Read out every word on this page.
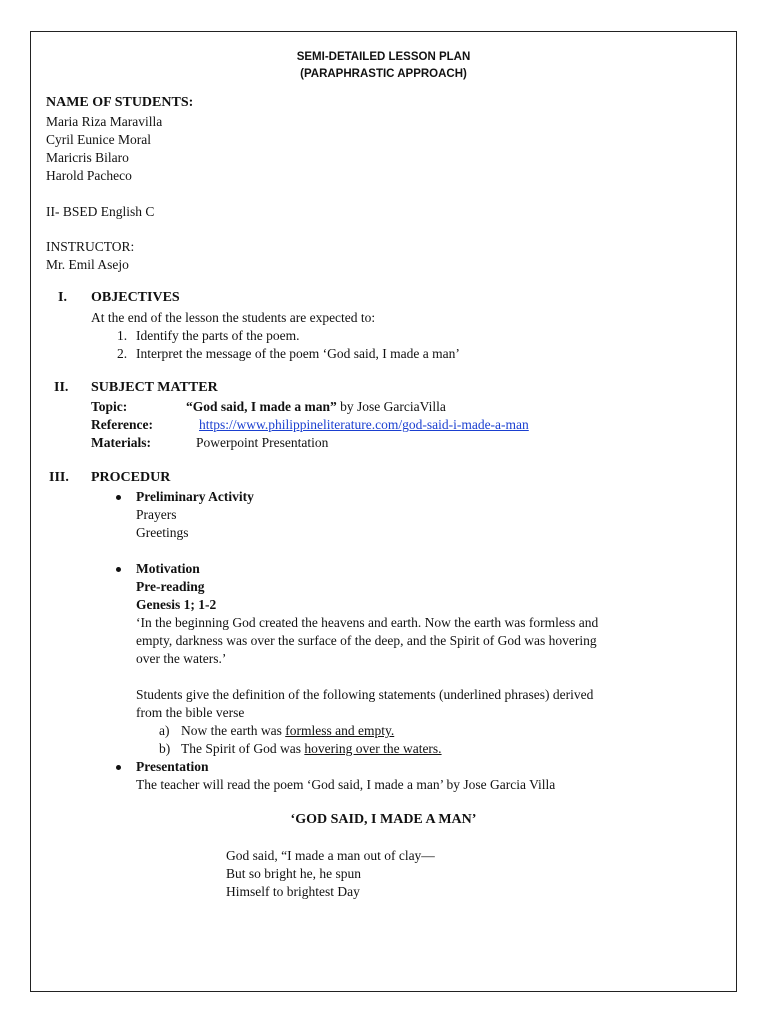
SEMI-DETAILED LESSON PLAN
(PARAPHRASTIC APPROACH)
NAME OF STUDENTS:
Maria Riza Maravilla
Cyril Eunice Moral
Maricris Bilaro
Harold Pacheco
II- BSED English C
INSTRUCTOR:
Mr. Emil Asejo
I. OBJECTIVES
At the end of the lesson the students are expected to:
1. Identify the parts of the poem.
2. Interpret the message of the poem ‘God said, I made a man’
II. SUBJECT MATTER
Topic:	“God said, I made a man” by Jose GarciaVilla
Reference:	https://www.philippineliterature.com/god-said-i-made-a-man
Materials:	Powerpoint Presentation
III. PROCEDUR
Preliminary Activity
Prayers
Greetings
Motivation
Pre-reading
Genesis 1; 1-2
‘In the beginning God created the heavens and earth. Now the earth was formless and
empty, darkness was over the surface of the deep, and the Spirit of God was hovering
over the waters.’
Students give the definition of the following statements (underlined phrases) derived
from the bible verse
a) Now the earth was formless and empty.
b) The Spirit of God was hovering over the waters.
Presentation
The teacher will read the poem ‘God said, I made a man’ by Jose Garcia Villa
‘GOD SAID, I MADE A MAN’
God said, “I made a man out of clay—
But so bright he, he spun
Himself to brightest Day
